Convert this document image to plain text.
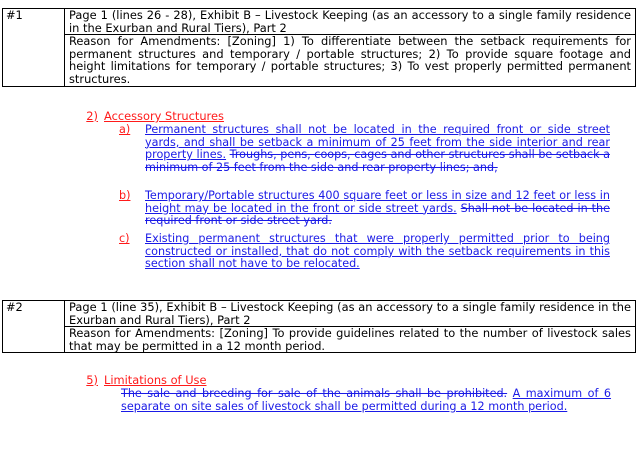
#1	Page 1 (lines 26 - 28), Exhibit B – Livestock Keeping (as an accessory to a single family residence in the Exurban and Rural Tiers), Part 2
Reason for Amendments: [Zoning] 1) To differentiate between the setback requirements for permanent structures and temporary / portable structures; 2) To provide square footage and height limitations for temporary / portable structures; 3) To vest properly permitted permanent structures.
2) Accessory Structures
a) Permanent structures shall not be located in the required front or side street yards, and shall be setback a minimum of 25 feet from the side interior and rear property lines. Troughs, pens, coops, cages and other structures shall be setback a minimum of 25 feet from the side and rear property lines; and,
b) Temporary/Portable structures 400 square feet or less in size and 12 feet or less in height may be located in the front or side street yards. Shall not be located in the required front or side street yard.
c) Existing permanent structures that were properly permitted prior to being constructed or installed, that do not comply with the setback requirements in this section shall not have to be relocated.
#2	Page 1 (line 35), Exhibit B – Livestock Keeping (as an accessory to a single family residence in the Exurban and Rural Tiers), Part 2
Reason for Amendments: [Zoning] To provide guidelines related to the number of livestock sales that may be permitted in a 12 month period.
5) Limitations of Use
The sale and breeding for sale of the animals shall be prohibited. A maximum of 6 separate on site sales of livestock shall be permitted during a 12 month period.
